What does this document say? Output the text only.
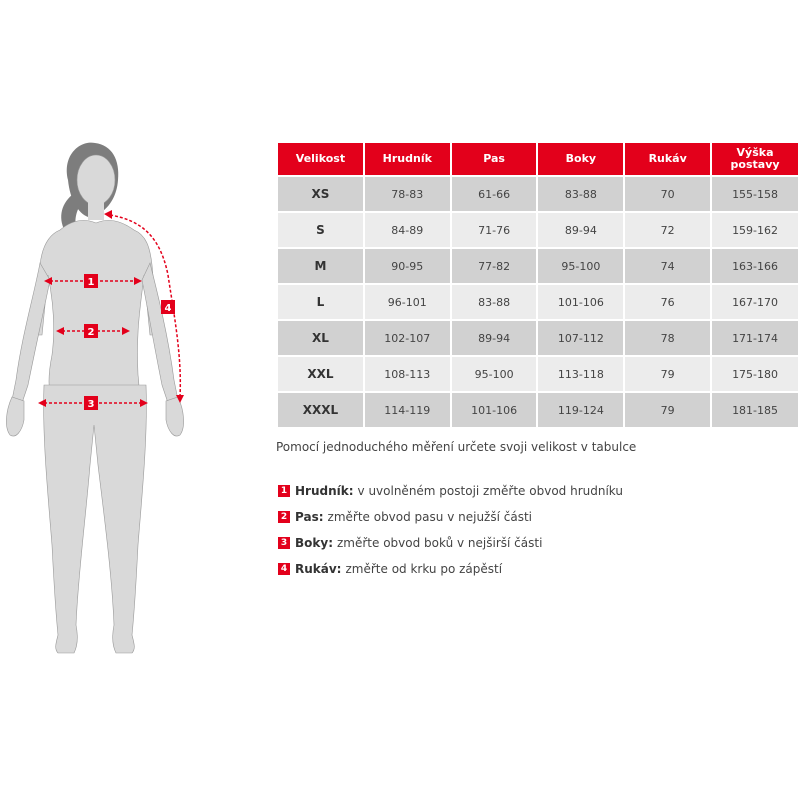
1
2
3
4
Velikost	Hrudník	Pas	Boky	Rukáv	Výška postavy
XS	78-83	61-66	83-88	70	155-158
S	84-89	71-76	89-94	72	159-162
M	90-95	77-82	95-100	74	163-166
L	96-101	83-88	101-106	76	167-170
XL	102-107	89-94	107-112	78	171-174
XXL	108-113	95-100	113-118	79	175-180
XXXL	114-119	101-106	119-124	79	181-185
Pomocí jednoduchého měření určete svoji velikost v tabulce
1 Hrudník: v uvolněném postoji změřte obvod hrudníku
2 Pas: změřte obvod pasu v nejužší části
3 Boky: změřte obvod boků v nejširší části
4 Rukáv: změřte od krku po zápěstí
